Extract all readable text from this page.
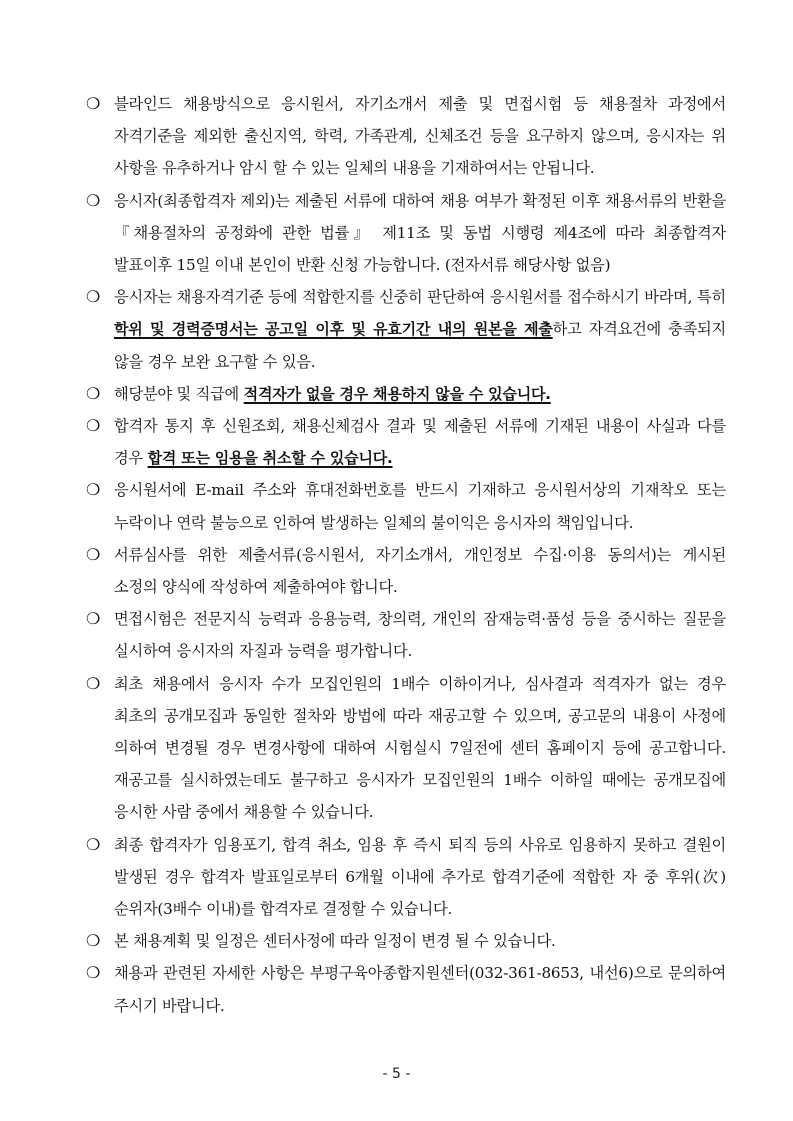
❍ 블라인드 채용방식으로 응시원서, 자기소개서 제출 및 면접시험 등 채용절차 과정에서 자격기준을 제외한 출신지역, 학력, 가족관계, 신체조건 등을 요구하지 않으며, 응시자는 위 사항을 유추하거나 암시 할 수 있는 일체의 내용을 기재하여서는 안됩니다.
❍ 응시자(최종합격자 제외)는 제출된 서류에 대하여 채용 여부가 확정된 이후 채용서류의 반환을 『채용절차의 공정화에 관한 법률』 제11조 및 동법 시행령 제4조에 따라 최종합격자 발표이후 15일 이내 본인이 반환 신청 가능합니다. (전자서류 해당사항 없음)
❍ 응시자는 채용자격기준 등에 적합한지를 신중히 판단하여 응시원서를 접수하시기 바라며, 특히 학위 및 경력증명서는 공고일 이후 및 유효기간 내의 원본을 제출하고 자격요건에 충족되지 않을 경우 보완 요구할 수 있음.
❍ 해당분야 및 직급에 적격자가 없을 경우 채용하지 않을 수 있습니다.
❍ 합격자 통지 후 신원조회, 채용신체검사 결과 및 제출된 서류에 기재된 내용이 사실과 다를 경우 합격 또는 임용을 취소할 수 있습니다.
❍ 응시원서에 E-mail 주소와 휴대전화번호를 반드시 기재하고 응시원서상의 기재착오 또는 누락이나 연락 불능으로 인하여 발생하는 일체의 불이익은 응시자의 책임입니다.
❍ 서류심사를 위한 제출서류(응시원서, 자기소개서, 개인정보 수집·이용 동의서)는 게시된 소정의 양식에 작성하여 제출하여야 합니다.
❍ 면접시험은 전문지식 능력과 응용능력, 창의력, 개인의 잠재능력·품성 등을 중시하는 질문을 실시하여 응시자의 자질과 능력을 평가합니다.
❍ 최초 채용에서 응시자 수가 모집인원의 1배수 이하이거나, 심사결과 적격자가 없는 경우 최초의 공개모집과 동일한 절차와 방법에 따라 재공고할 수 있으며, 공고문의 내용이 사정에 의하여 변경될 경우 변경사항에 대하여 시험실시 7일전에 센터 홈페이지 등에 공고합니다. 재공고를 실시하였는데도 불구하고 응시자가 모집인원의 1배수 이하일 때에는 공개모집에 응시한 사람 중에서 채용할 수 있습니다.
❍ 최종 합격자가 임용포기, 합격 취소, 임용 후 즉시 퇴직 등의 사유로 임용하지 못하고 결원이 발생된 경우 합격자 발표일로부터 6개월 이내에 추가로 합격기준에 적합한 자 중 후위(次) 순위자(3배수 이내)를 합격자로 결정할 수 있습니다.
❍ 본 채용계획 및 일정은 센터사정에 따라 일정이 변경 될 수 있습니다.
❍ 채용과 관련된 자세한 사항은 부평구육아종합지원센터(032-361-8653, 내선6)으로 문의하여 주시기 바랍니다.
- 5 -
